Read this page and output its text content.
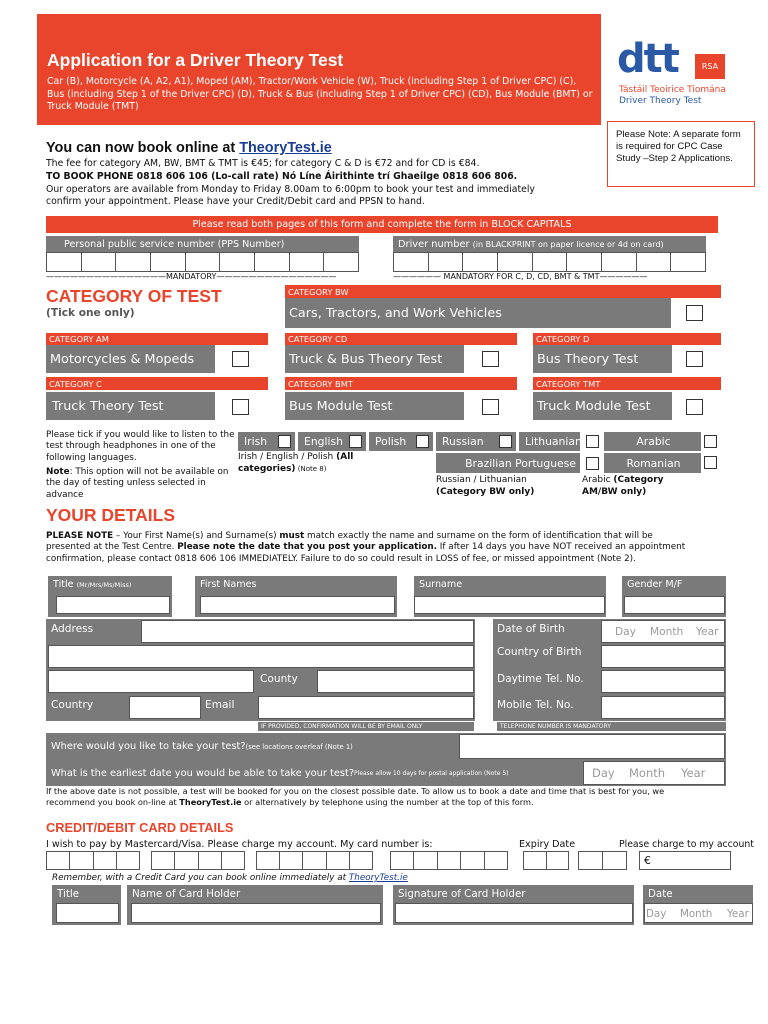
Application for a Driver Theory Test
Car (B), Motorcycle (A, A2, A1), Moped (AM), Tractor/Work Vehicle (W), Truck (including Step 1 of Driver CPC) (C), Bus (including Step 1 of the Driver CPC) (D), Truck & Bus (including Step 1 of Driver CPC) (CD), Bus Module (BMT) or Truck Module (TMT)
dtt	RSA
Tástáil Teoirice Tiomána
Driver Theory Test
Please Note: A separate form is required for CPC Case Study –Step 2 Applications.
You can now book online at TheoryTest.ie
The fee for category AM, BW, BMT & TMT is €45; for category C & D is €72 and for CD is €84.
TO BOOK PHONE 0818 606 106 (Lo-call rate) Nó Líne Áirithinte trí Ghaeilge 0818 606 806.
Our operators are available from Monday to Friday 8.00am to 6:00pm to book your test and immediately
confirm your appointment. Please have your Credit/Debit card and PPSN to hand.
Please read both pages of this form and complete the form in BLOCK CAPITALS
Personal public service number (PPS Number)
———————————————MANDATORY———————————————
Driver number
(in BLACKPRINT on paper licence or 4d on card)
—————— MANDATORY FOR C, D, CD, BMT & TMT——————
CATEGORY OF TEST
(Tick one only)
CATEGORY BW
Cars, Tractors, and Work Vehicles
CATEGORY AM
Motorcycles & Mopeds
CATEGORY CD
Truck & Bus Theory Test
CATEGORY D
Bus Theory Test
CATEGORY C
Truck Theory Test
CATEGORY BMT
Bus Module Test
CATEGORY TMT
Truck Module Test
Please tick if you would like to listen to the test through headphones in one of the following languages.
Note: This option will not be available on the day of testing unless selected in advance
Irish	English	Polish	Russian	Lithuanian	Arabic
Brazilian Portuguese	Romanian
Irish / English / Polish (All
categories) (Note 8)
Russian / Lithuanian
(Category BW only)
Arabic (Category
AM/BW only)
YOUR DETAILS
PLEASE NOTE – Your First Name(s) and Surname(s) must match exactly the name and surname on the form of identification that will be
presented at the Test Centre. Please note the date that you post your application. If after 14 days you have NOT received an appointment
confirmation, please contact 0818 606 106 IMMEDIATELY. Failure to do so could result in LOSS of fee, or missed appointment (Note 2).
Title
(Mr/Mrs/Ms/Miss)	First Names	Surname	Gender M/F
Address
County
Country	Email
IF PROVIDED, CONFIRMATION WILL BE BY EMAIL ONLY
Date of Birth	Day Month Year
Country of Birth
Daytime Tel. No.
Mobile Tel. No.
TELEPHONE NUMBER IS MANDATORY
Where would you like to take your test? (see locations overleaf (Note 1)
What is the earliest date you would be able to take your test? Please allow 10 days for postal application (Note 5)	Day Month Year
If the above date is not possible, a test will be booked for you on the closest possible date. To allow us to book a date and time that is best for you, we
recommend you book on-line at TheoryTest.ie or alternatively by telephone using the number at the top of this form.
CREDIT/DEBIT CARD DETAILS
I wish to pay by Mastercard/Visa. Please charge my account. My card number is:	Expiry Date	Please charge to my account
€
Remember, with a Credit Card you can book online immediately at TheoryTest.ie
Title	Name of Card Holder	Signature of Card Holder	Date
Day Month Year
